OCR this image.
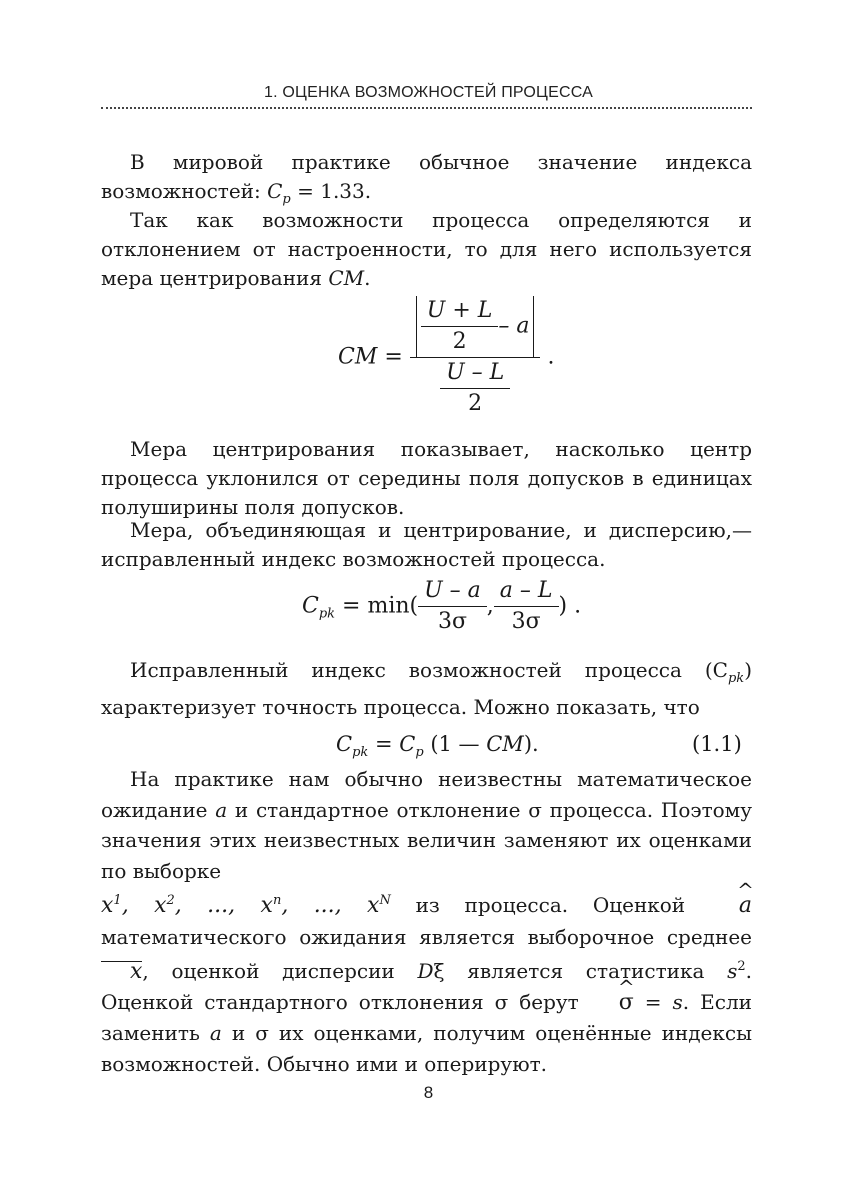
1. ОЦЕНКА ВОЗМОЖНОСТЕЙ ПРОЦЕССА

В мировой практике обычное значение индекса возможностей: $C_p = 1.33$.

Так как возможности процесса определяются и отклонением от настроенности, то для него используется мера центрирования CM.

CM = $\frac{\frac{U + L}{2} - a}{\frac{U - L}{2}}$ .

Мера центрирования показывает, насколько центр процесса уклонился от середины поля допусков в единицах полуширины поля допусков.

Мера, объединяющая и центрирование, и дисперсию,— исправленный индекс возможностей процесса.

$C_{pk} = \min( \frac{U - a}{3\sigma}$ , $\frac{a - L}{3\sigma}$ ) .

Исправленный индекс возможностей процесса $(C_{pk})$ характеризует точность процесса. Можно показать, что

$C_{pk} = C_p$ (1 — CM).	(1.1)

На практике нам обычно неизвестны математическое ожидание a и стандартное отклонение σ процесса. Поэтому значения этих неизвестных величин заменяют их оценками по выборке
$x^1$, $x^2$, ..., $x^n$, ..., $x^N$ из процесса. Оценкой ^ a математического ожидания является выборочное среднее x, оценкой дисперсии Dξ является статистика $s^2$. Оценкой стандартного отклонения σ берут ^ σ = s. Если заменить a и σ их оценками, получим оценённые индексы возможностей. Обычно ими и оперируют.

8
